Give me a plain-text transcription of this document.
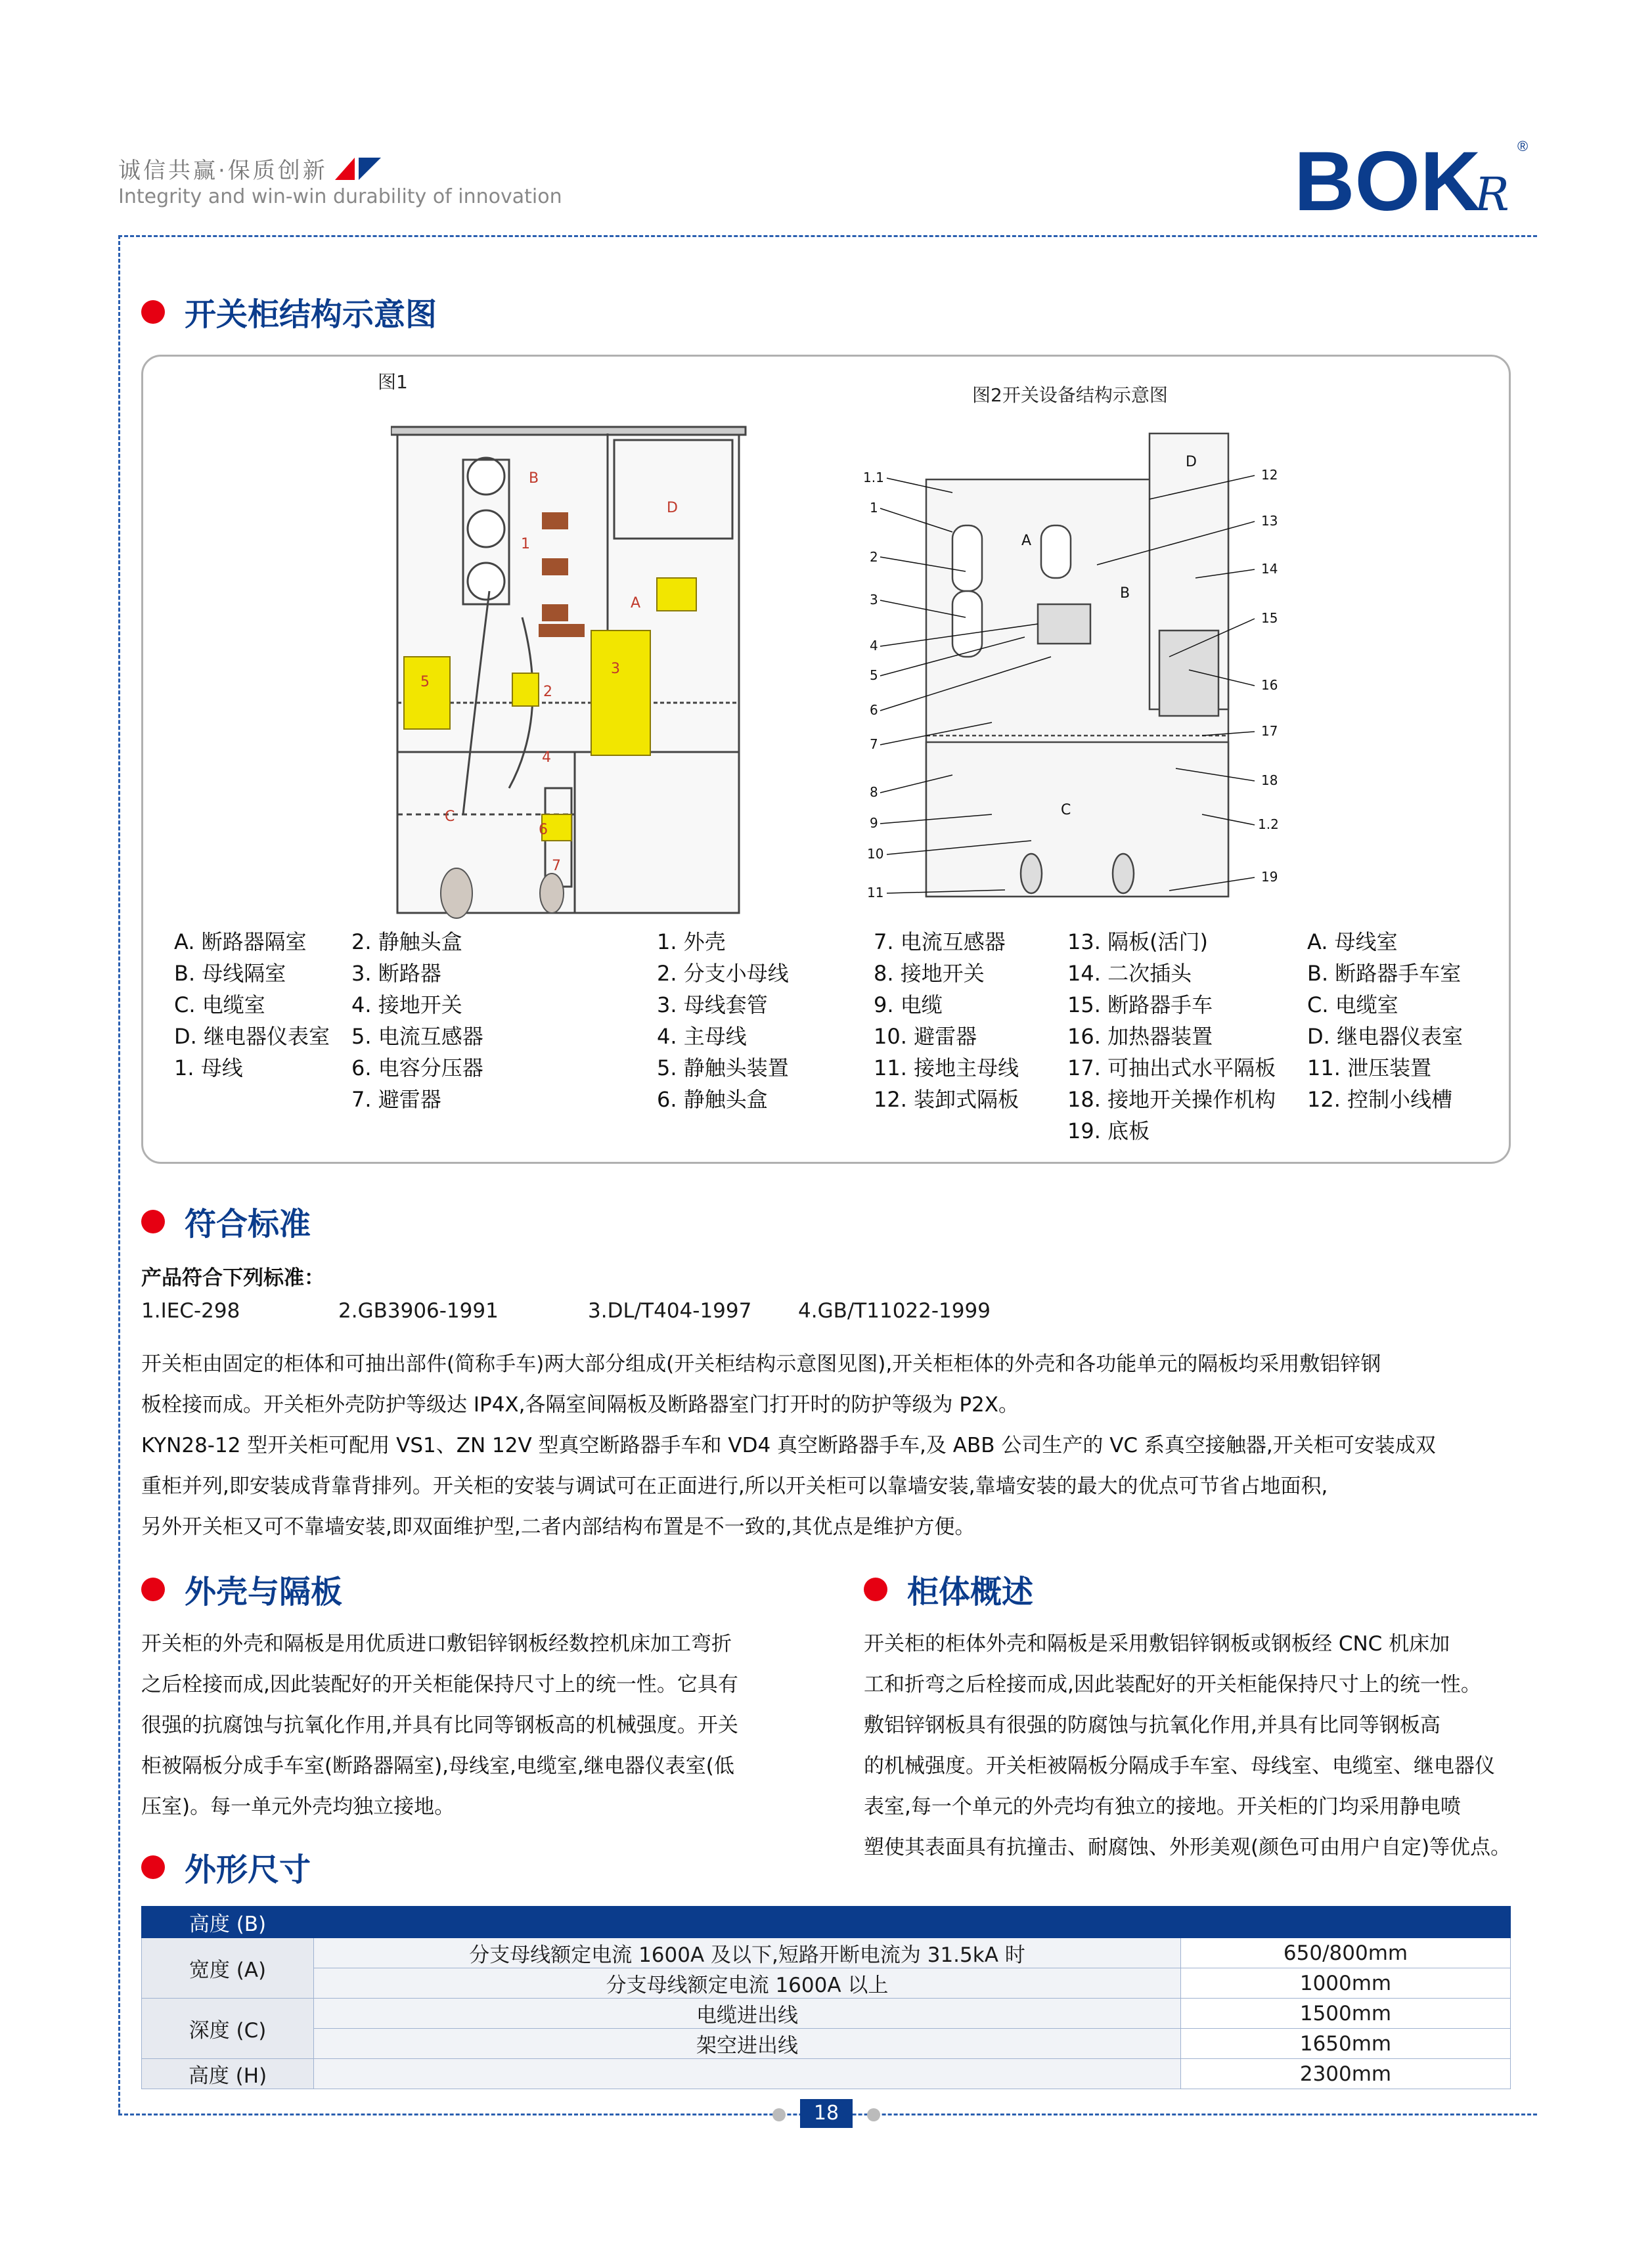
诚信共赢·保质创新
Integrity and win-win durability of innovation	BOK
R
®
开关柜结构示意图
图1
图2开关设备结构示意图
B
D
A
C
1
2
3
4
5
6
7
A
B
C
D
1.1
1
2
3
4
5
6
7
8
9
10
11
12
13
14
15
16
17
18
1.2
19
A. 断路器隔室
B. 母线隔室
C. 电缆室
D. 继电器仪表室
1. 母线
2. 静触头盒
3. 断路器
4. 接地开关
5. 电流互感器
6. 电容分压器
7. 避雷器
1. 外壳
2. 分支小母线
3. 母线套管
4. 主母线
5. 静触头装置
6. 静触头盒
7. 电流互感器
8. 接地开关
9. 电缆
10. 避雷器
11. 接地主母线
12. 装卸式隔板
13. 隔板(活门)
14. 二次插头
15. 断路器手车
16. 加热器装置
17. 可抽出式水平隔板
18. 接地开关操作机构
19. 底板
A. 母线室
B. 断路器手车室
C. 电缆室
D. 继电器仪表室
11. 泄压装置
12. 控制小线槽
符合标准
产品符合下列标准：
1.IEC-298	2.GB3906-1991	3.DL/T404-1997	4.GB/T11022-1999
开关柜由固定的柜体和可抽出部件(简称手车)两大部分组成(开关柜结构示意图见图),开关柜柜体的外壳和各功能单元的隔板均采用敷铝锌钢
板栓接而成。开关柜外壳防护等级达 IP4X,各隔室间隔板及断路器室门打开时的防护等级为 P2X。
KYN28-12 型开关柜可配用 VS1、ZN 12V 型真空断路器手车和 VD4 真空断路器手车,及 ABB 公司生产的 VC 系真空接触器,开关柜可安装成双
重柜并列,即安装成背靠背排列。开关柜的安装与调试可在正面进行,所以开关柜可以靠墙安装,靠墙安装的最大的优点可节省占地面积,
另外开关柜又可不靠墙安装,即双面维护型,二者内部结构布置是不一致的,其优点是维护方便。
外壳与隔板
开关柜的外壳和隔板是用优质进口敷铝锌钢板经数控机床加工弯折
之后栓接而成,因此装配好的开关柜能保持尺寸上的统一性。它具有
很强的抗腐蚀与抗氧化作用,并具有比同等钢板高的机械强度。开关
柜被隔板分成手车室(断路器隔室),母线室,电缆室,继电器仪表室(低
压室)。每一单元外壳均独立接地。
柜体概述
开关柜的柜体外壳和隔板是采用敷铝锌钢板或钢板经 CNC 机床加
工和折弯之后栓接而成,因此装配好的开关柜能保持尺寸上的统一性。
敷铝锌钢板具有很强的防腐蚀与抗氧化作用,并具有比同等钢板高
的机械强度。开关柜被隔板分隔成手车室、母线室、电缆室、继电器仪
表室,每一个单元的外壳均有独立的接地。开关柜的门均采用静电喷
塑使其表面具有抗撞击、耐腐蚀、外形美观(颜色可由用户自定)等优点。
外形尺寸
高度 (B)		
宽度 (A)	分支母线额定电流 1600A 及以下,短路开断电流为 31.5kA 时	650/800mm
	分支母线额定电流 1600A 以上	1000mm
深度 (C)	电缆进出线	1500mm
	架空进出线	1650mm
高度 (H)		2300mm
18
